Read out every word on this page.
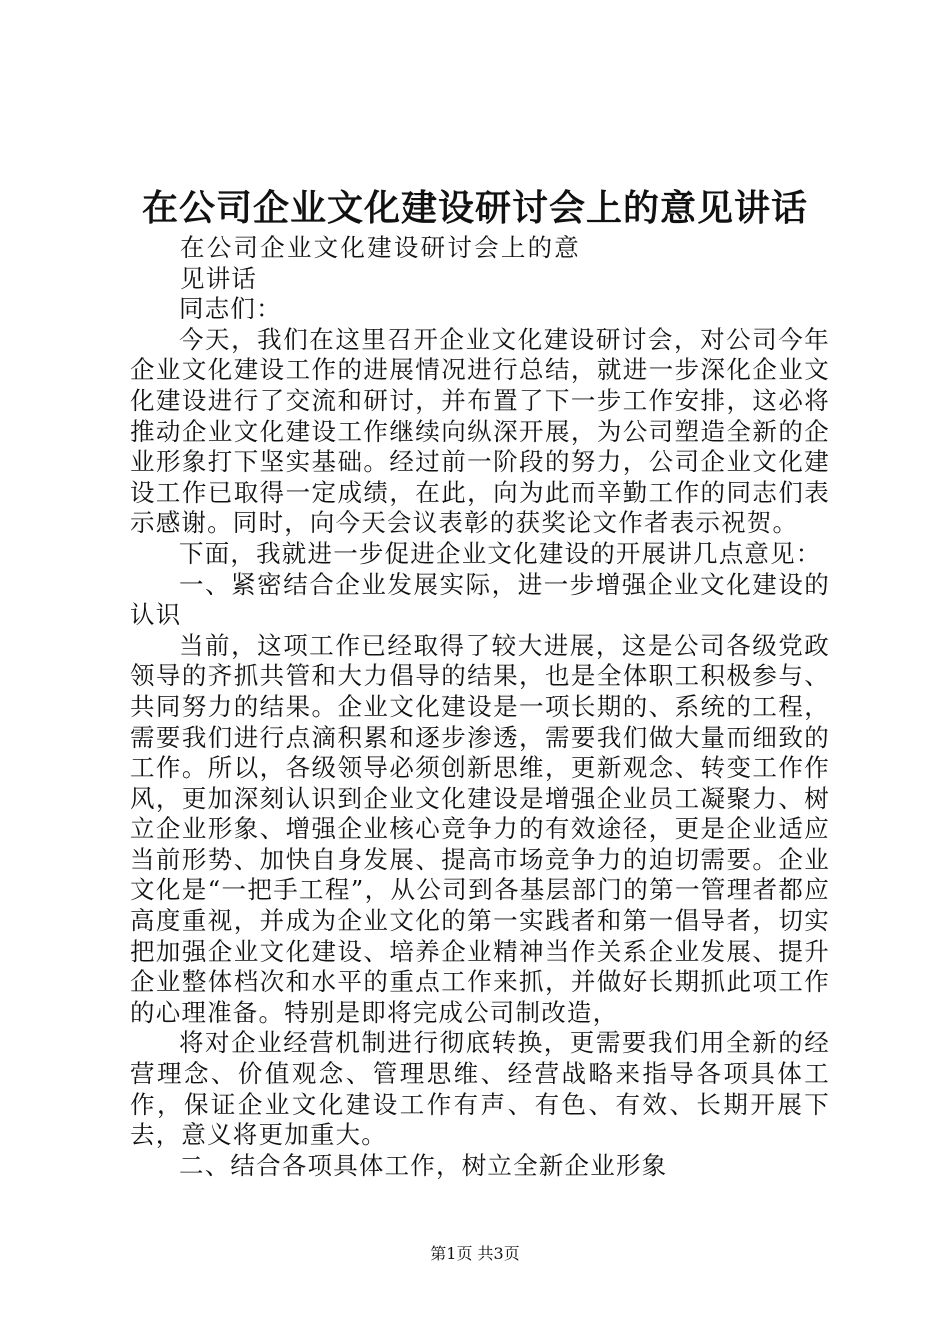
在公司企业文化建设研讨会上的意见讲话

在公司企业文化建设研讨会上的意见讲话

同志们：

今天，我们在这里召开企业文化建设研讨会，对公司今年企业文化建设工作的进展情况进行总结，就进一步深化企业文化建设进行了交流和研讨，并布置了下一步工作安排，这必将推动企业文化建设工作继续向纵深开展，为公司塑造全新的企业形象打下坚实基础。经过前一阶段的努力，公司企业文化建设工作已取得一定成绩，在此，向为此而辛勤工作的同志们表示感谢。同时，向今天会议表彰的获奖论文作者表示祝贺。

下面，我就进一步促进企业文化建设的开展讲几点意见：

一、紧密结合企业发展实际，进一步增强企业文化建设的认识

当前，这项工作已经取得了较大进展，这是公司各级党政领导的齐抓共管和大力倡导的结果，也是全体职工积极参与、共同努力的结果。企业文化建设是一项长期的、系统的工程，需要我们进行点滴积累和逐步渗透，需要我们做大量而细致的工作。所以，各级领导必须创新思维，更新观念、转变工作作风，更加深刻认识到企业文化建设是增强企业员工凝聚力、树立企业形象、增强企业核心竞争力的有效途径，更是企业适应当前形势、加快自身发展、提高市场竞争力的迫切需要。企业文化是“一把手工程”，从公司到各基层部门的第一管理者都应高度重视，并成为企业文化的第一实践者和第一倡导者，切实把加强企业文化建设、培养企业精神当作关系企业发展、提升企业整体档次和水平的重点工作来抓，并做好长期抓此项工作的心理准备。特别是即将完成公司制改造，

将对企业经营机制进行彻底转换，更需要我们用全新的经营理念、价值观念、管理思维、经营战略来指导各项具体工作，保证企业文化建设工作有声、有色、有效、长期开展下去，意义将更加重大。

二、结合各项具体工作，树立全新企业形象

第1页 共3页
